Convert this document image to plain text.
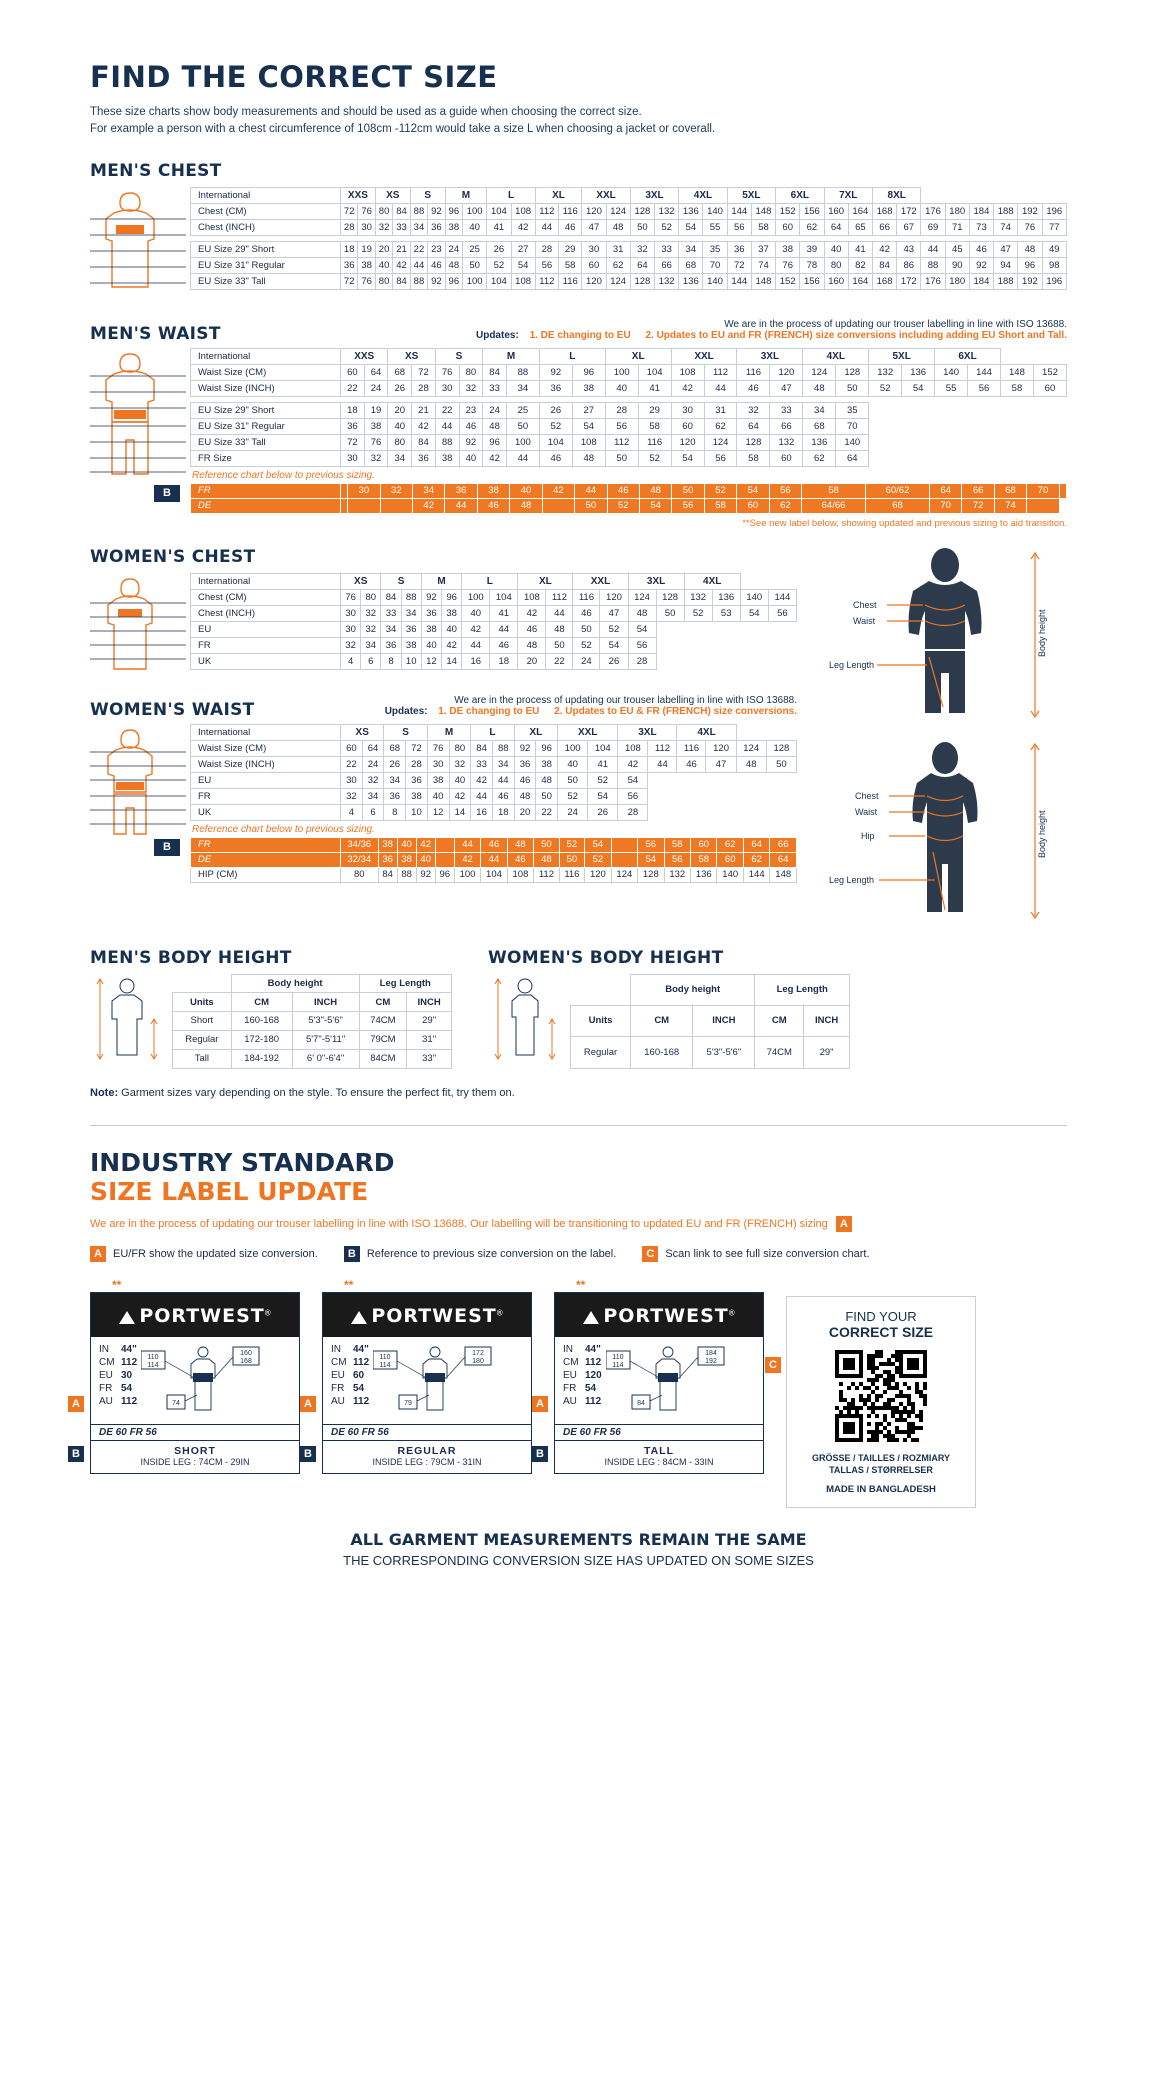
FIND THE CORRECT SIZE
These size charts show body measurements and should be used as a guide when choosing the correct size.
For example a person with a chest circumference of 108cm -112cm would take a size L when choosing a jacket or coverall.
MEN'S CHEST
International	XXS		XS		S		M		L		XL		XXL		3XL		4XL		5XL		6XL		7XL		8XL							
Chest (CM)	72	76	80	84	88	92	96	100	104	108	112	116	120	124	128	132	136	140	144	148	152	156	160	164	168	172	176	180	184	188	192	196
Chest (INCH)	28	30	32	33	34	36	38	40	41	42	44	46	47	48	50	52	54	55	56	58	60	62	64	65	66	67	69	71	73	74	76	77

EU Size 29" Short	18	19	20	21	22	23	24	25	26	27	28	29	30	31	32	33	34	35	36	37	38	39	40	41	42	43	44	45	46	47	48	49
EU Size 31" Regular	36	38	40	42	44	46	48	50	52	54	56	58	60	62	64	66	68	70	72	74	76	78	80	82	84	86	88	90	92	94	96	98
EU Size 33" Tall	72	76	80	84	88	92	96	100	104	108	112	116	120	124	128	132	136	140	144	148	152	156	160	164	168	172	176	180	184	188	192	196
MEN'S WAIST	We are in the process of updating our trouser labelling in line with ISO 13688.
Updates: 1. DE changing to EU 2. Updates to EU and FR (FRENCH) size conversions including adding EU Short and Tall.
International	XXS		XS		S		M		L		XL		XXL		3XL		4XL		5XL		6XL			
Waist Size (CM)	60	64	68	72	76	80	84	88	92	96	100	104	108	112	116	120	124	128	132	136	140	144	148	152
Waist Size (INCH)	22	24	26	28	30	32	33	34	36	38	40	41	42	44	46	47	48	50	52	54	55	56	58	60

EU Size 29" Short	18	19	20	21	22	23	24	25	26	27	28	29	30	31	32	33	34	35						
EU Size 31" Regular	36	38	40	42	44	46	48	50	52	54	56	58	60	62	64	66	68	70						
EU Size 33" Tall	72	76	80	84	88	92	96	100	104	108	112	116	120	124	128	132	136	140						
FR Size	30	32	34	36	38	40	42	44	46	48	50	52	54	56	58	60	62	64						
Reference chart below to previous sizing.
B	FR		30	32	34	36	38	40	42	44	46	48	50	52	54	56	58	60/62	64	66	68	70	
DE				42	44	46	48		50	52	54	56	58	60	62	64/66	68	70	72	74		
**See new label below, showing updated and previous sizing to aid transition.
WOMEN'S CHEST
International	XS		S		M		L		XL		XXL		3XL		4XL			
Chest (CM)	76	80	84	88	92	96	100	104	108	112	116	120	124	128	132	136	140	144
Chest (INCH)	30	32	33	34	36	38	40	41	42	44	46	47	48	50	52	53	54	56
EU	30	32	34	36	38	40	42	44	46	48	50	52	54					
FR	32	34	36	38	40	42	44	46	48	50	52	54	56					
UK	4	6	8	10	12	14	16	18	20	22	24	26	28					
WOMEN'S WAIST	We are in the process of updating our trouser labelling in line with ISO 13688.
Updates: 1. DE changing to EU 2. Updates to EU & FR (FRENCH) size conversions.
International	XS		S		M		L		XL		XXL		3XL		4XL			
Waist Size (CM)	60	64	68	72	76	80	84	88	92	96	100	104	108	112	116	120	124	128
Waist Size (INCH)	22	24	26	28	30	32	33	34	36	38	40	41	42	44	46	47	48	50
EU	30	32	34	36	38	40	42	44	46	48	50	52	54					
FR	32	34	36	38	40	42	44	46	48	50	52	54	56					
UK	4	6	8	10	12	14	16	18	20	22	24	26	28					
Reference chart below to previous sizing.
B	FR	34/36	38	40	42		44	46	48	50	52	54		56	58	60	62	64	66
DE	32/34	36	38	40		42	44	46	48	50	52		54	56	58	60	62	64
HIP (CM)	80	84	88	92	96	100	104	108	112	116	120	124	128	132	136	140	144	148
Chest
Waist
Leg Length
Body height
Chest
Waist
Hip
Leg Length
Body height
MEN'S BODY HEIGHT
	Body height		Leg Length	
Units	CM	INCH	CM	INCH
Short	160-168	5'3"-5'6"	74CM	29"
Regular	172-180	5'7"-5'11"	79CM	31"
Tall	184-192	6' 0"-6'4"	84CM	33"
WOMEN'S BODY HEIGHT
	Body height		Leg Length	
Units	CM	INCH	CM	INCH
Regular	160-168	5'3"-5'6"	74CM	29"
Note: Garment sizes vary depending on the style. To ensure the perfect fit, try them on.
INDUSTRY STANDARD
SIZE LABEL UPDATE
We are in the process of updating our trouser labelling in line with ISO 13688. Our labelling will be transitioning to updated EU and FR (FRENCH) sizing A
A	EU/FR show the updated size conversion.	B	Reference to previous size conversion on the label.	C	Scan link to see full size conversion chart.
**
PORTWEST®
IN 44"
CM 112
EU 30
FR 54
AU 112
110
114
160
168
74
DE 60 FR 56
SHORT
INSIDE LEG : 74CM - 29IN
A
B
**
PORTWEST®
IN 44"
CM 112
EU 60
FR 54
AU 112
110
114
172
180
79
DE 60 FR 56
REGULAR
INSIDE LEG : 79CM - 31IN
A
B
**
PORTWEST®
IN 44"
CM 112
EU 120
FR 54
AU 112
110
114
184
192
84
DE 60 FR 56
TALL
INSIDE LEG : 84CM - 33IN
A
B
C
FIND YOUR
CORRECT SIZE
GRÖSSE / TAILLES / ROZMIARY
TALLAS / STØRRELSER
MADE IN BANGLADESH
ALL GARMENT MEASUREMENTS REMAIN THE SAME
THE CORRESPONDING CONVERSION SIZE HAS UPDATED ON SOME SIZES
